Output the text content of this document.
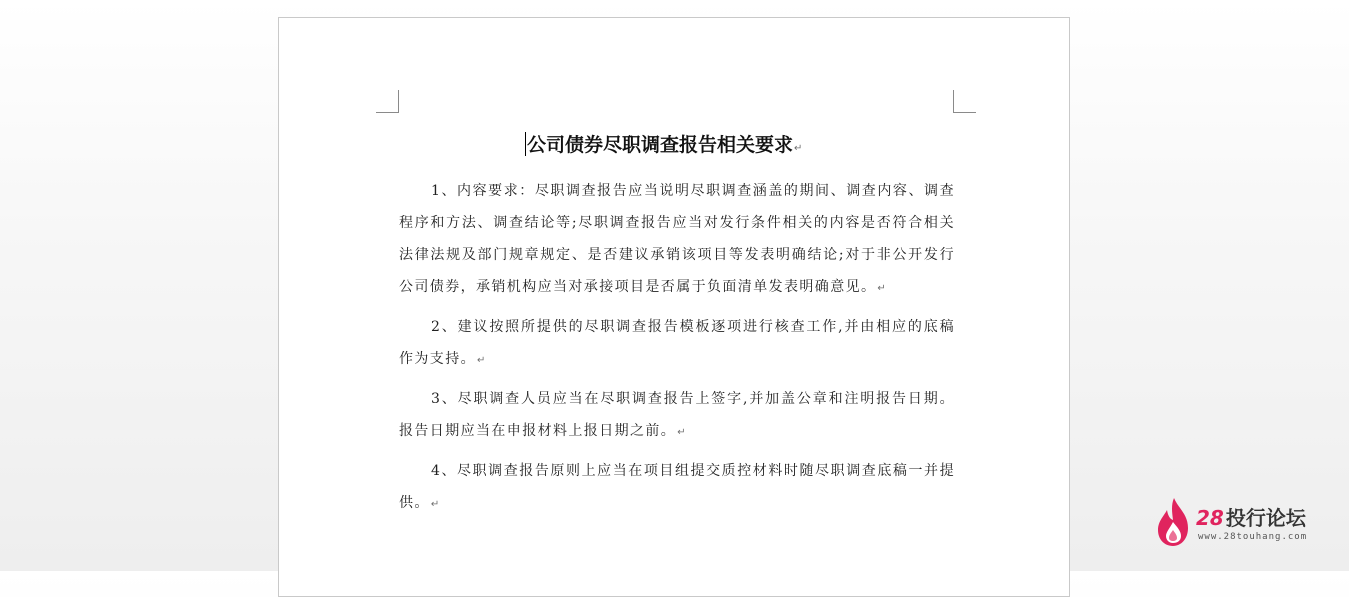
公司债券尽职调查报告相关要求↵
1、内容要求：尽职调查报告应当说明尽职调查涵盖的期间、调查内容、调查程序和方法、调查结论等;尽职调查报告应当对发行条件相关的内容是否符合相关法律法规及部门规章规定、是否建议承销该项目等发表明确结论;对于非公开发行公司债券，承销机构应当对承接项目是否属于负面清单发表明确意见。↵
2、建议按照所提供的尽职调查报告模板逐项进行核查工作,并由相应的底稿作为支持。↵
3、尽职调查人员应当在尽职调查报告上签字,并加盖公章和注明报告日期。报告日期应当在申报材料上报日期之前。↵
4、尽职调查报告原则上应当在项目组提交质控材料时随尽职调查底稿一并提供。↵
28 投行论坛
www.28touhang.com
